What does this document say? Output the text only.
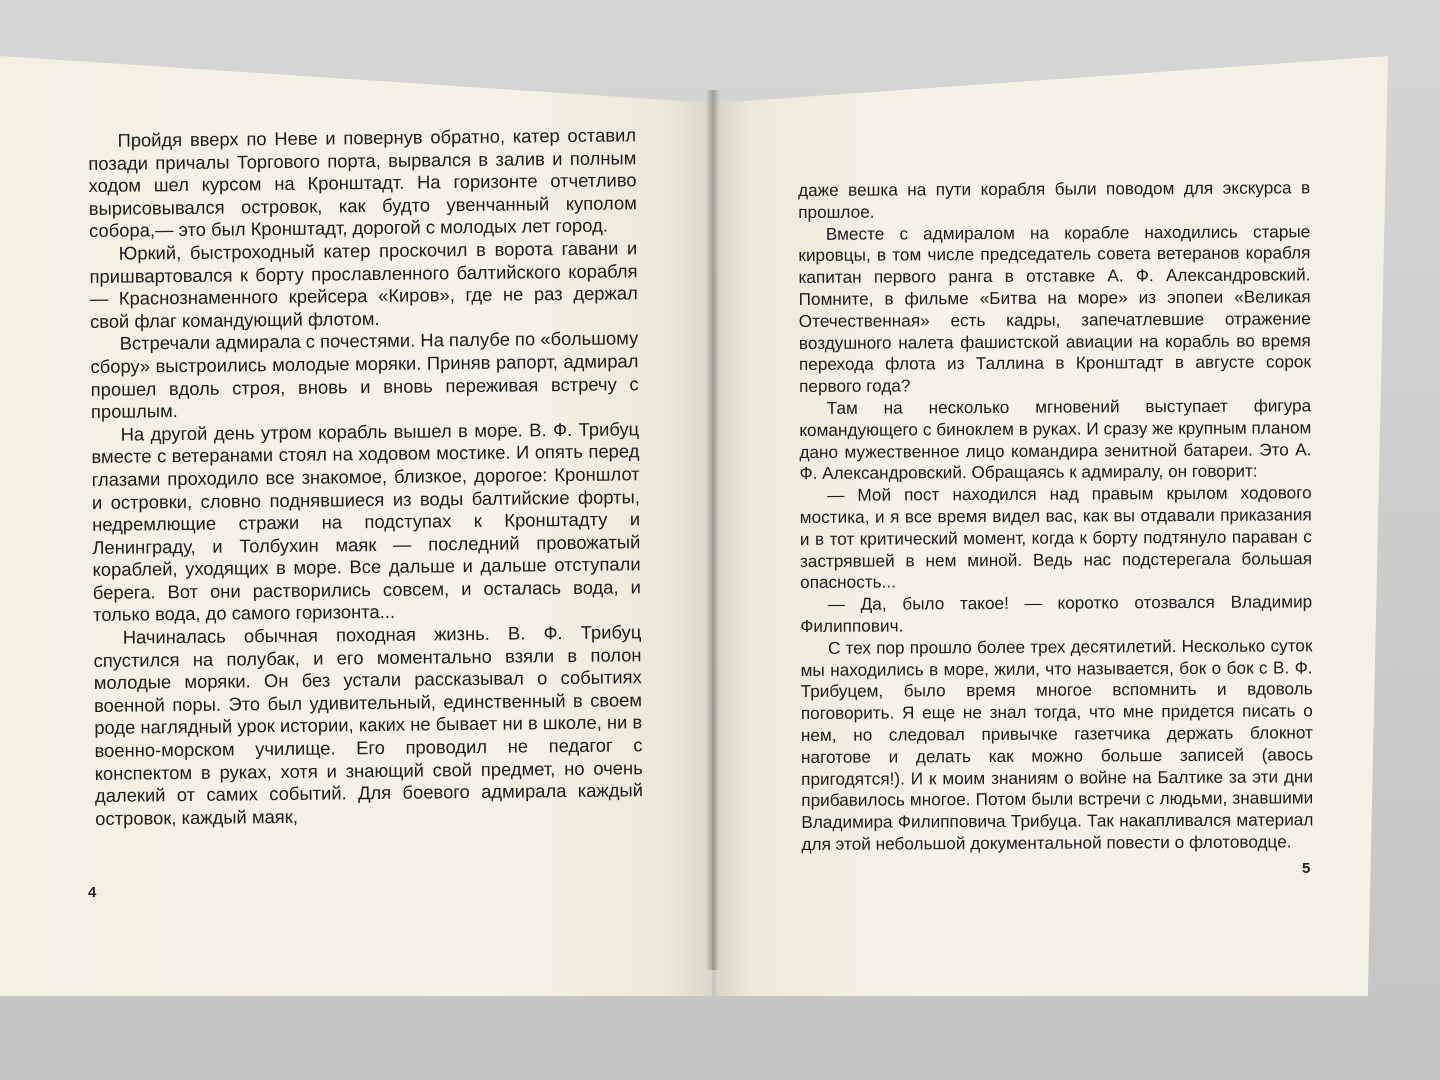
Пройдя вверх по Неве и повернув обратно, катер оставил позади причалы Торгового порта, вырвался в залив и полным ходом шел курсом на Кронштадт. На горизонте отчетливо вырисовывался островок, как будто увенчанный куполом собора,— это был Кронштадт, дорогой с молодых лет город.

Юркий, быстроходный катер проскочил в ворота гавани и пришвартовался к борту прославленного балтийского корабля — Краснознаменного крейсера «Киров», где не раз держал свой флаг командующий флотом.

Встречали адмирала с почестями. На палубе по «большому сбору» выстроились молодые моряки. Приняв рапорт, адмирал прошел вдоль строя, вновь и вновь переживая встречу с прошлым.

На другой день утром корабль вышел в море. В. Ф. Трибуц вместе с ветеранами стоял на ходовом мостике. И опять перед глазами проходило все знакомое, близкое, дорогое: Кроншлот и островки, словно поднявшиеся из воды балтийские форты, недремлющие стражи на подступах к Кронштадту и Ленинграду, и Толбухин маяк — последний провожатый кораблей, уходящих в море. Все дальше и дальше отступали берега. Вот они растворились совсем, и осталась вода, и только вода, до самого горизонта...

Начиналась обычная походная жизнь. В. Ф. Трибуц спустился на полубак, и его моментально взяли в полон молодые моряки. Он без устали рассказывал о событиях военной поры. Это был удивительный, единственный в своем роде наглядный урок истории, каких не бывает ни в школе, ни в военно-морском училище. Его проводил не педагог с конспектом в руках, хотя и знающий свой предмет, но очень далекий от самих событий. Для боевого адмирала каждый островок, каждый маяк,

4

даже вешка на пути корабля были поводом для экскурса в прошлое.

Вместе с адмиралом на корабле находились старые кировцы, в том числе председатель совета ветеранов корабля капитан первого ранга в отставке А. Ф. Александровский. Помните, в фильме «Битва на море» из эпопеи «Великая Отечественная» есть кадры, запечатлевшие отражение воздушного налета фашистской авиации на корабль во время перехода флота из Таллина в Кронштадт в августе сорок первого года?

Там на несколько мгновений выступает фигура командующего с биноклем в руках. И сразу же крупным планом дано мужественное лицо командира зенитной батареи. Это А. Ф. Александровский. Обращаясь к адмиралу, он говорит:

— Мой пост находился над правым крылом ходового мостика, и я все время видел вас, как вы отдавали приказания и в тот критический момент, когда к борту подтянуло параван с застрявшей в нем миной. Ведь нас подстерегала большая опасность...

— Да, было такое! — коротко отозвался Владимир Филиппович.

С тех пор прошло более трех десятилетий. Несколько суток мы находились в море, жили, что называется, бок о бок с В. Ф. Трибуцем, было время многое вспомнить и вдоволь поговорить. Я еще не знал тогда, что мне придется писать о нем, но следовал привычке газетчика держать блокнот наготове и делать как можно больше записей (авось пригодятся!). И к моим знаниям о войне на Балтике за эти дни прибавилось многое. Потом были встречи с людьми, знавшими Владимира Филипповича Трибуца. Так накапливался материал для этой небольшой документальной повести о флотоводце.

5
